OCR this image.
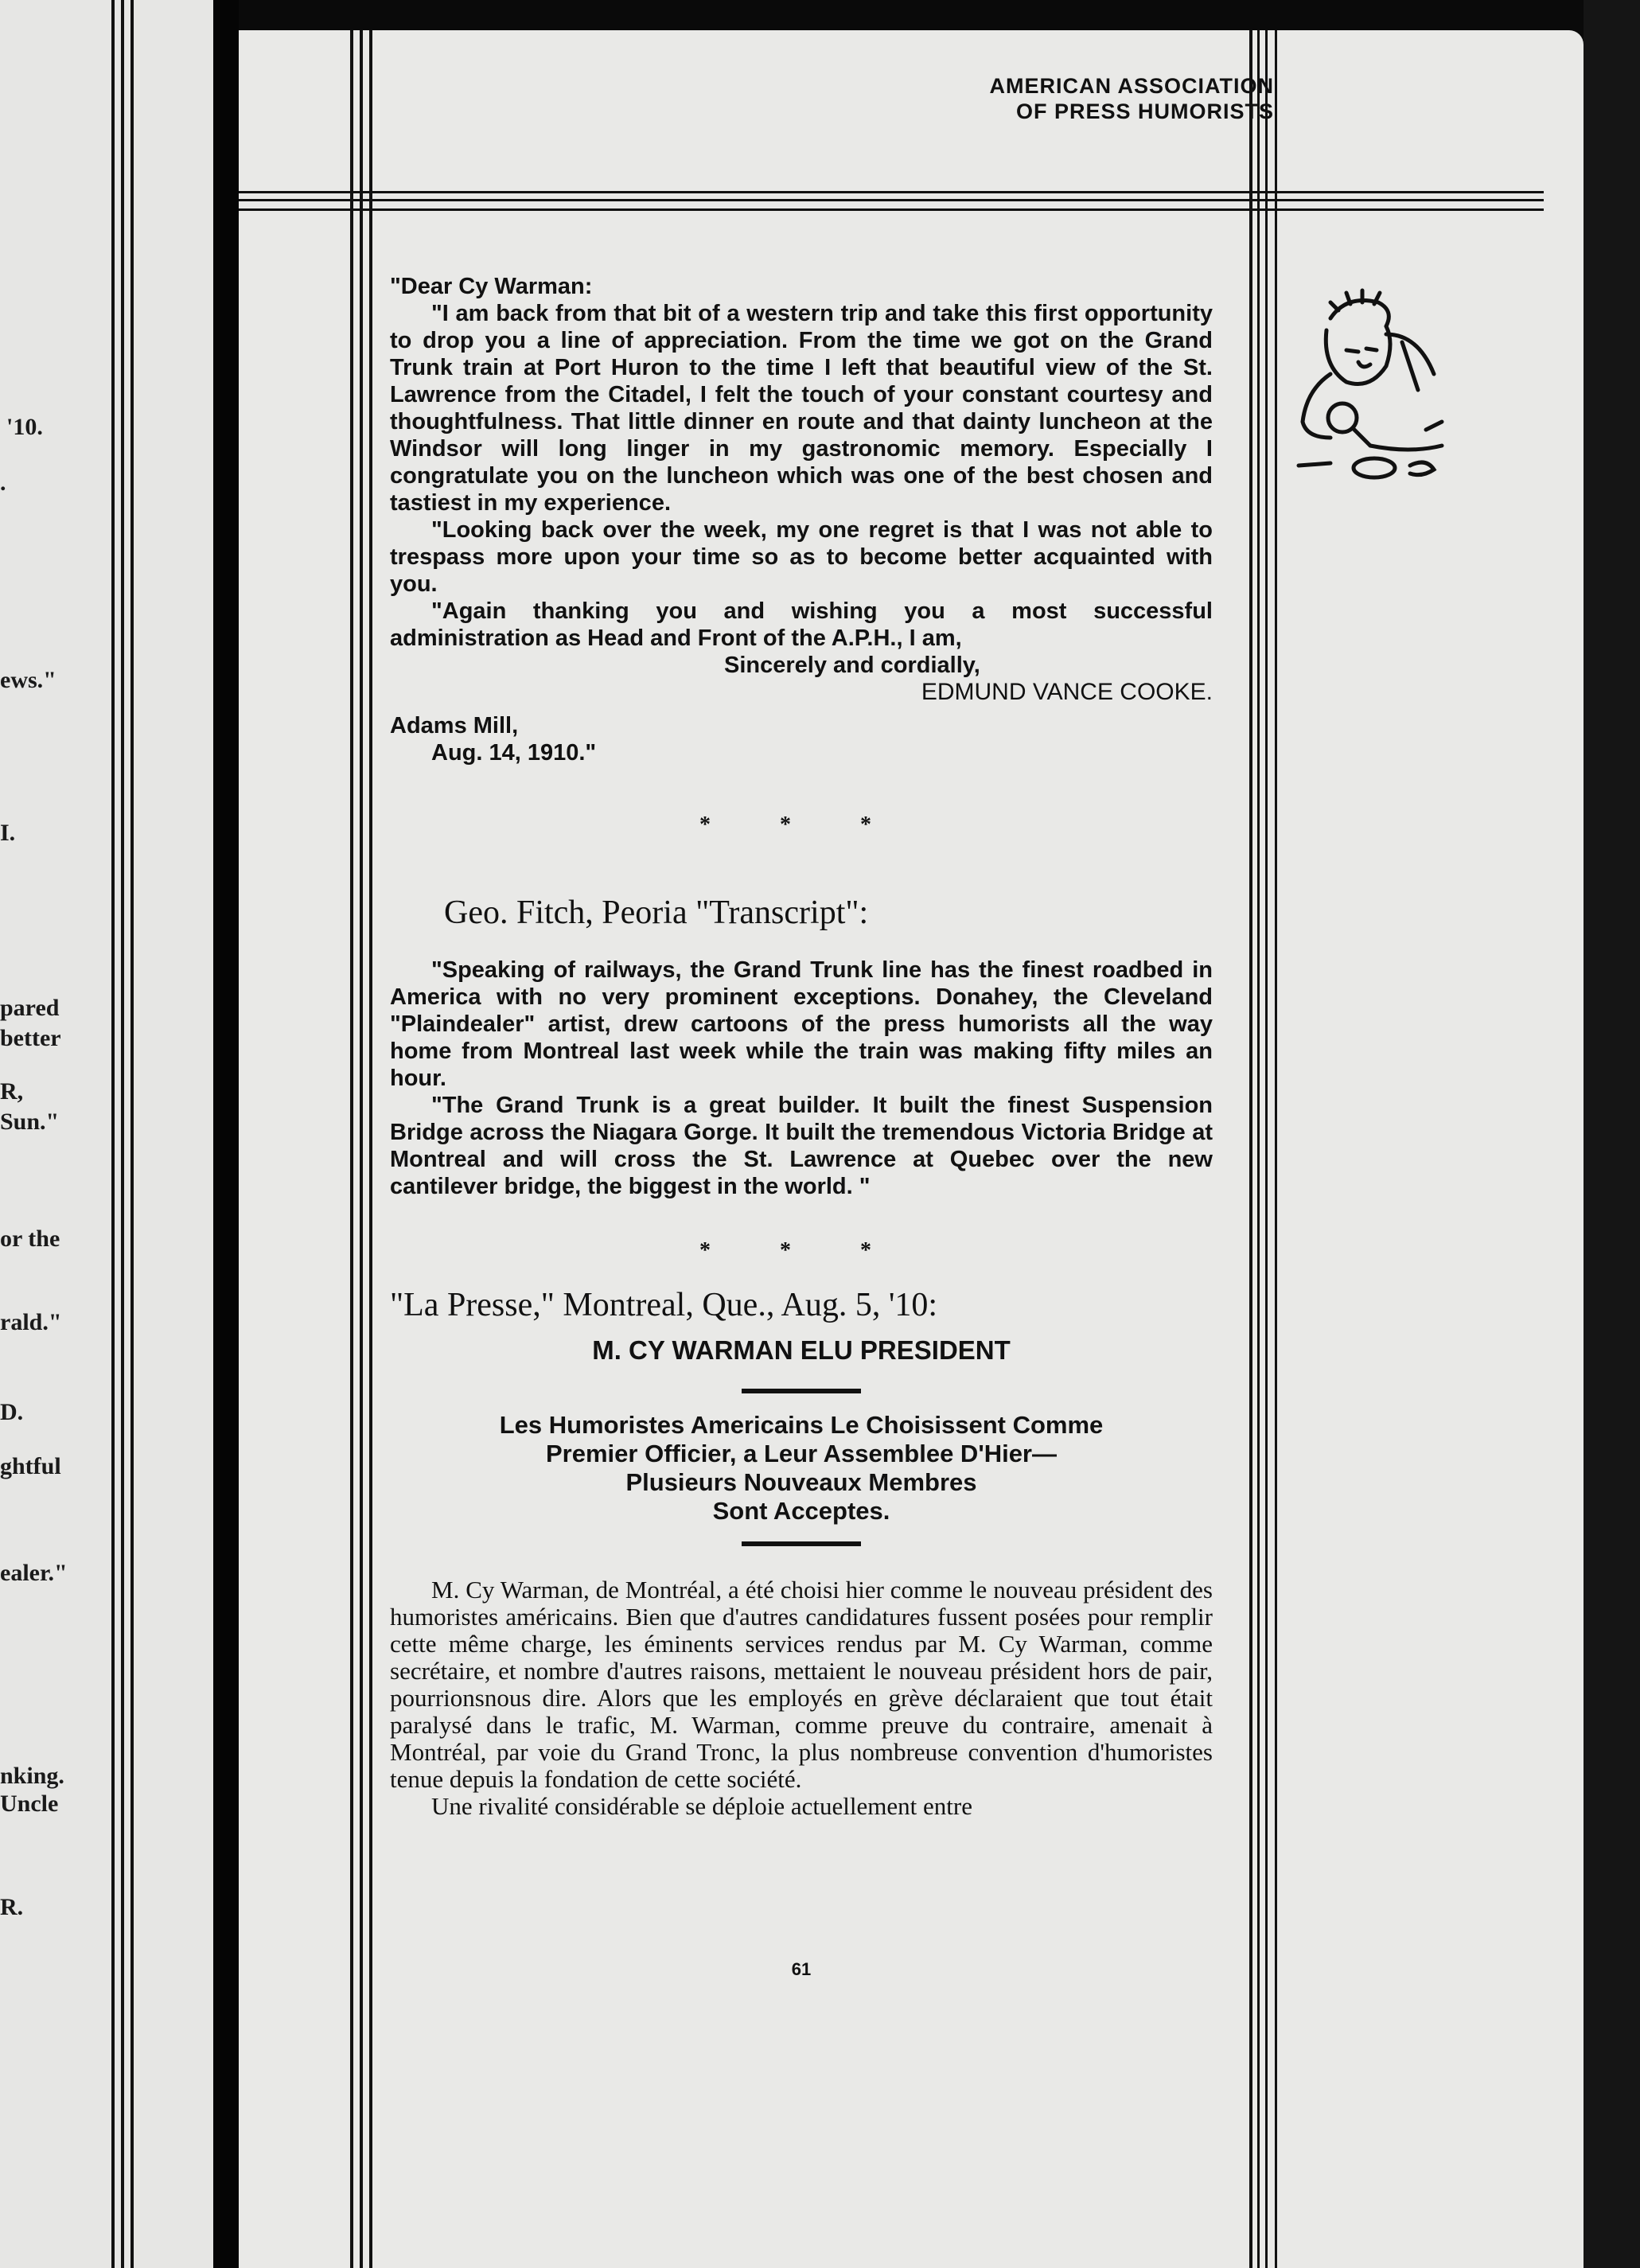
'10.
.
ews."
I.
pared
better
R,
Sun."
or the
rald."
D.
ghtful
ealer."
nking.
Uncle
R.
AMERICAN ASSOCIATION
OF PRESS HUMORISTS

"Dear Cy Warman:

"I am back from that bit of a western trip and take this first opportunity to drop you a line of appreciation. From the time we got on the Grand Trunk train at Port Huron to the time I left that beautiful view of the St. Lawrence from the Citadel, I felt the touch of your constant courtesy and thoughtfulness. That little dinner en route and that dainty luncheon at the Windsor will long linger in my gastronomic memory. Especially I congratulate you on the luncheon which was one of the best chosen and tastiest in my experience.

"Looking back over the week, my one regret is that I was not able to trespass more upon your time so as to become better acquainted with you.

"Again thanking you and wishing you a most successful administration as Head and Front of the A.P.H., I am,

Sincerely and cordially,

EDMUND VANCE COOKE.

Adams Mill,

Aug. 14, 1910."

* * *

Geo. Fitch, Peoria "Transcript":

"Speaking of railways, the Grand Trunk line has the finest roadbed in America with no very prominent exceptions. Donahey, the Cleveland "Plaindealer" artist, drew cartoons of the press humorists all the way home from Montreal last week while the train was making fifty miles an hour.

"The Grand Trunk is a great builder. It built the finest Suspension Bridge across the Niagara Gorge. It built the tremendous Victoria Bridge at Montreal and will cross the St. Lawrence at Quebec over the new cantilever bridge, the biggest in the world. "

* * *

"La Presse," Montreal, Que., Aug. 5, '10:

M. CY WARMAN ELU PRESIDENT

Les Humoristes Americains Le Choisissent Comme

Premier Officier, a Leur Assemblee D'Hier—

Plusieurs Nouveaux Membres

Sont Acceptes.

M. Cy Warman, de Montréal, a été choisi hier comme le nouveau président des humoristes américains. Bien que d'autres candidatures fussent posées pour remplir cette même charge, les éminents services rendus par M. Cy Warman, comme secrétaire, et nombre d'autres raisons, mettaient le nouveau président hors de pair, pourrionsnous dire. Alors que les employés en grève déclaraient que tout était paralysé dans le trafic, M. Warman, comme preuve du contraire, amenait à Montréal, par voie du Grand Tronc, la plus nombreuse convention d'humoristes tenue depuis la fondation de cette société.

Une rivalité considérable se déploie actuellement entre

61
